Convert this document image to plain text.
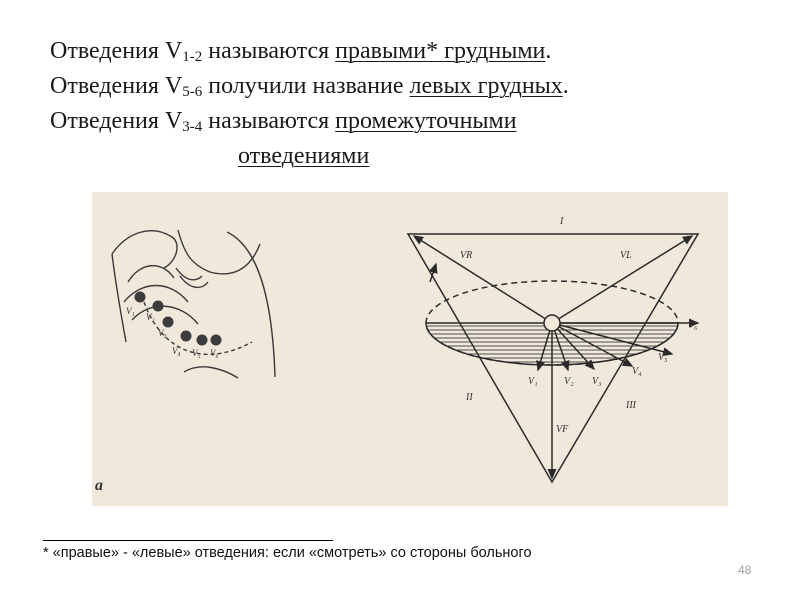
Отведения $V_{1-2}$ называются правыми* грудными.
Отведения $V_{5-6}$ получили название левых грудных.
Отведения $V_{3-4}$ называются промежуточными
отведениями
V₁
V₂
V₃
V₄ V₅ V₆
а
I
VR	VL
VF
II
III
V₁	V₂ V₃
V₄
V₅
V₆
* «правые» - «левые» отведения: если «смотреть» со стороны больного
48
